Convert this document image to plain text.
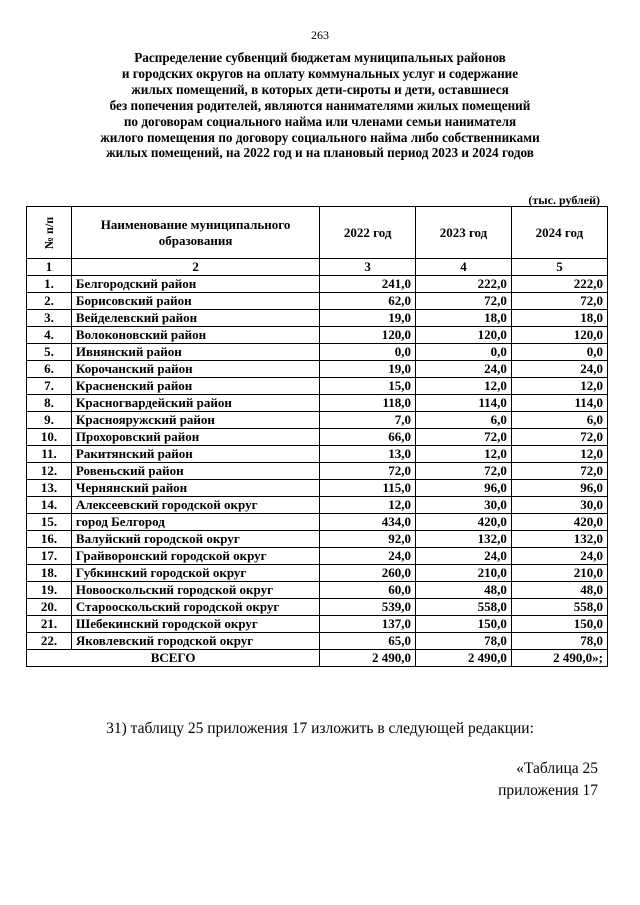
263
Распределение субвенций бюджетам муниципальных районов
и городских округов на оплату коммунальных услуг и содержание
жилых помещений, в которых дети-сироты и дети, оставшиеся
без попечения родителей, являются нанимателями жилых помещений
по договорам социального найма или членами семьи нанимателя
жилого помещения по договору социального найма либо собственниками
жилых помещений, на 2022 год и на плановый период 2023 и 2024 годов
(тыс. рублей)
№ п/п	Наименование муниципального образования	2022 год	2023 год	2024 год
1	2	3	4	5
1.	Белгородский район	241,0	222,0	222,0
2.	Борисовский район	62,0	72,0	72,0
3.	Вейделевский район	19,0	18,0	18,0
4.	Волоконовский район	120,0	120,0	120,0
5.	Ивнянский район	0,0	0,0	0,0
6.	Корочанский район	19,0	24,0	24,0
7.	Красненский район	15,0	12,0	12,0
8.	Красногвардейский район	118,0	114,0	114,0
9.	Краснояружский район	7,0	6,0	6,0
10.	Прохоровский район	66,0	72,0	72,0
11.	Ракитянский район	13,0	12,0	12,0
12.	Ровеньский район	72,0	72,0	72,0
13.	Чернянский район	115,0	96,0	96,0
14.	Алексеевский городской округ	12,0	30,0	30,0
15.	город Белгород	434,0	420,0	420,0
16.	Валуйский городской округ	92,0	132,0	132,0
17.	Грайворонский городской округ	24,0	24,0	24,0
18.	Губкинский городской округ	260,0	210,0	210,0
19.	Новооскольский городской округ	60,0	48,0	48,0
20.	Старооскольский городской округ	539,0	558,0	558,0
21.	Шебекинский городской округ	137,0	150,0	150,0
22.	Яковлевский городской округ	65,0	78,0	78,0
ВСЕГО		2 490,0	2 490,0	2 490,0»;
31) таблицу 25 приложения 17 изложить в следующей редакции:
«Таблица 25
приложения 17
